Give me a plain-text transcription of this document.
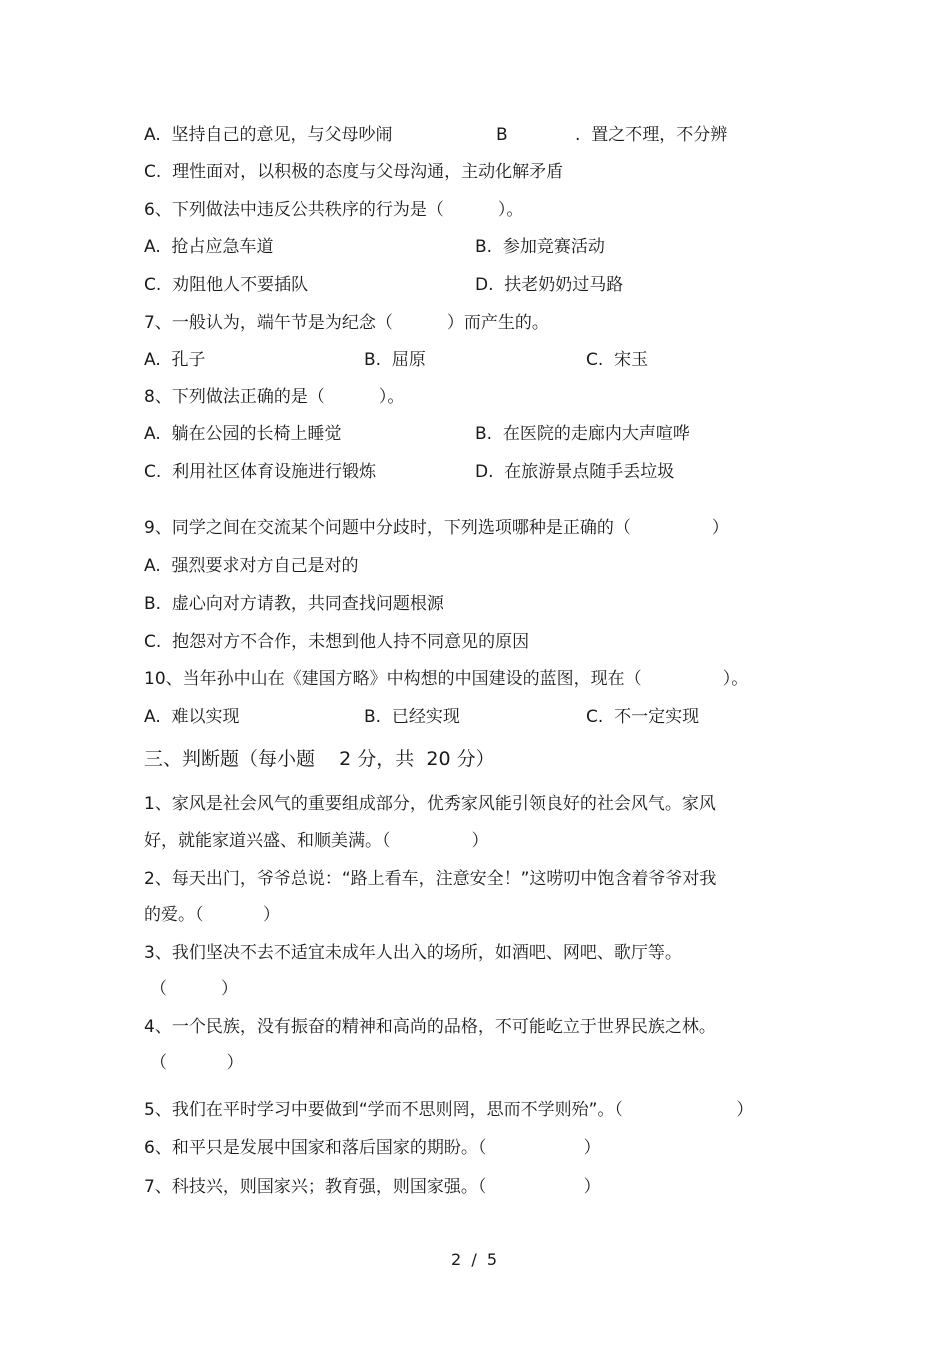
A.  坚持自己的意见，与父母吵闹	B	.  置之不理，不分辨
C.  理性面对，以积极的态度与父母沟通，主动化解矛盾
6、下列做法中违反公共秩序的行为是（          ）。
A.  抢占应急车道	B.  参加竞赛活动
C.  劝阻他人不要插队	D.  扶老奶奶过马路
7、一般认为，端午节是为纪念（          ）而产生的。
A.  孔子	B.  屈原	C.  宋玉
8、下列做法正确的是（          ）。
A.  躺在公园的长椅上睡觉	B.  在医院的走廊内大声喧哗
C.  利用社区体育设施进行锻炼	D.  在旅游景点随手丢垃圾
9、同学之间在交流某个问题中分歧时，下列选项哪种是正确的（               ）
A.  强烈要求对方自己是对的
B.  虚心向对方请教，共同查找问题根源
C.  抱怨对方不合作，未想到他人持不同意见的原因
10、当年孙中山在《建国方略》中构想的中国建设的蓝图，现在（               ）。
A.  难以实现	B.  已经实现	C.  不一定实现
三、判断题（每小题    2 分，共  20 分）
1、家风是社会风气的重要组成部分，优秀家风能引领良好的社会风气。家风
好，就能家道兴盛、和顺美满。（               ）
2、每天出门，爷爷总说：“路上看车，注意安全！”这唠叨中饱含着爷爷对我
的爱。（           ）
3、我们坚决不去不适宜未成年人出入的场所，如酒吧、网吧、歌厅等。
（          ）
4、一个民族，没有振奋的精神和高尚的品格，不可能屹立于世界民族之林。
（           ）
5、我们在平时学习中要做到“学而不思则罔，思而不学则殆”。（                     ）
6、和平只是发展中国家和落后国家的期盼。（                  ）
7、科技兴，则国家兴；教育强，则国家强。（                  ）
2  /  5
